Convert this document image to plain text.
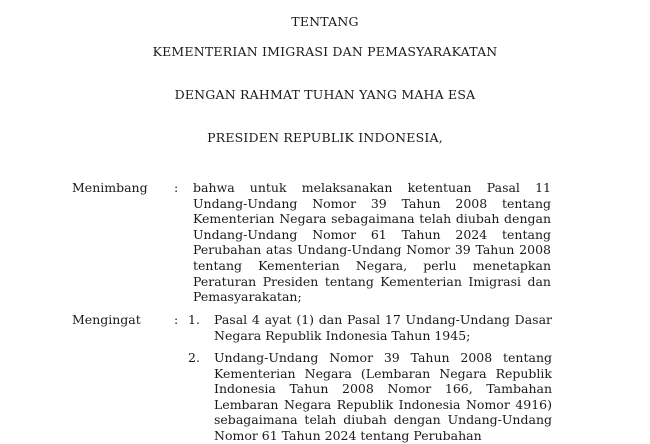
TENTANG
KEMENTERIAN IMIGRASI DAN PEMASYARAKATAN
DENGAN RAHMAT TUHAN YANG MAHA ESA
PRESIDEN REPUBLIK INDONESIA,
Menimbang : bahwa untuk melaksanakan ketentuan Pasal 11 Undang-Undang Nomor 39 Tahun 2008 tentang Kementerian Negara sebagaimana telah diubah dengan Undang-Undang Nomor 61 Tahun 2024 tentang Perubahan atas Undang-Undang Nomor 39 Tahun 2008 tentang Kementerian Negara, perlu menetapkan Peraturan Presiden tentang Kementerian Imigrasi dan Pemasyarakatan;
Mengingat	: 1. Pasal 4 ayat (1) dan Pasal 17 Undang-Undang Dasar Negara Republik Indonesia Tahun 1945;
2. Undang-Undang Nomor 39 Tahun 2008 tentang Kementerian Negara (Lembaran Negara Republik Indonesia Tahun 2008 Nomor 166, Tambahan Lembaran Negara Republik Indonesia Nomor 4916) sebagaimana telah diubah dengan Undang-Undang Nomor 61 Tahun 2024 tentang Perubahan
